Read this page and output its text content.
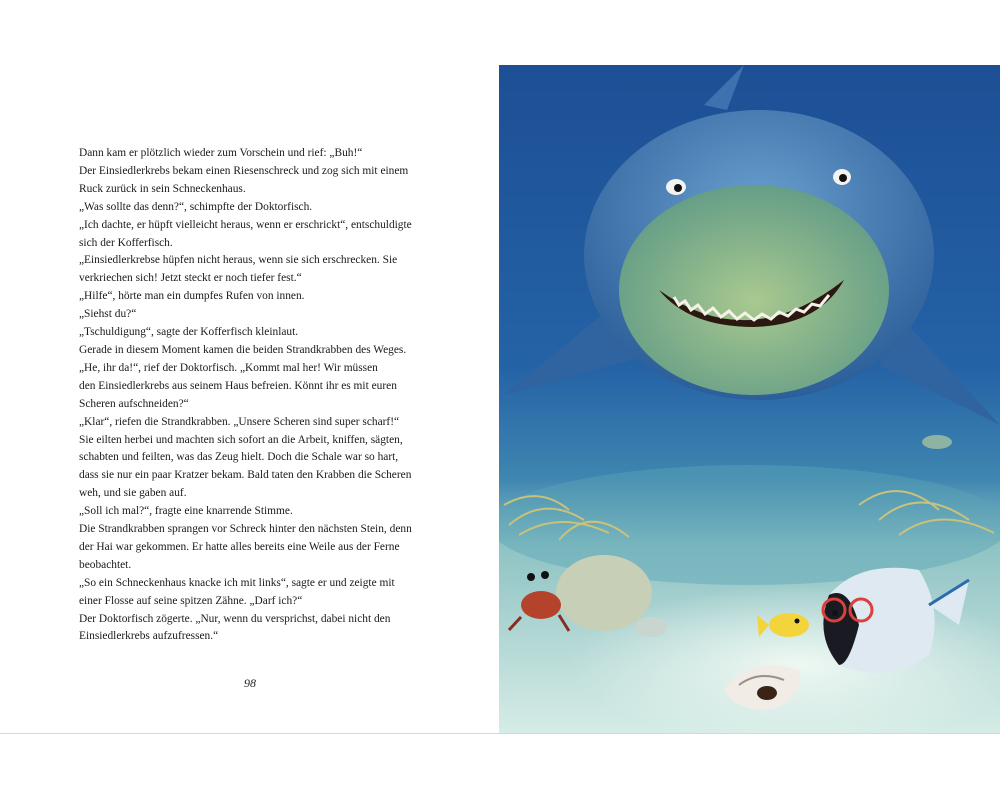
Dann kam er plötzlich wieder zum Vorschein und rief: „Buh!“

Der Einsiedlerkrebs bekam einen Riesenschreck und zog sich mit einem

Ruck zurück in sein Schneckenhaus.

„Was sollte das denn?“, schimpfte der Doktorfisch.

„Ich dachte, er hüpft vielleicht heraus, wenn er erschrickt“, entschuldigte

sich der Kofferfisch.

„Einsiedlerkrebse hüpfen nicht heraus, wenn sie sich erschrecken. Sie

verkriechen sich! Jetzt steckt er noch tiefer fest.“

„Hilfe“, hörte man ein dumpfes Rufen von innen.

„Siehst du?“

„Tschuldigung“, sagte der Kofferfisch kleinlaut.

Gerade in diesem Moment kamen die beiden Strandkrabben des Weges.

„He, ihr da!“, rief der Doktorfisch. „Kommt mal her! Wir müssen

den Einsiedlerkrebs aus seinem Haus befreien. Könnt ihr es mit euren

Scheren aufschneiden?“

„Klar“, riefen die Strandkrabben. „Unsere Scheren sind super scharf!“

Sie eilten herbei und machten sich sofort an die Arbeit, kniffen, sägten,

schabten und feilten, was das Zeug hielt. Doch die Schale war so hart,

dass sie nur ein paar Kratzer bekam. Bald taten den Krabben die Scheren

weh, und sie gaben auf.

„Soll ich mal?“, fragte eine knarrende Stimme.

Die Strandkrabben sprangen vor Schreck hinter den nächsten Stein, denn

der Hai war gekommen. Er hatte alles bereits eine Weile aus der Ferne

beobachtet.

„So ein Schneckenhaus knacke ich mit links“, sagte er und zeigte mit

einer Flosse auf seine spitzen Zähne. „Darf ich?“

Der Doktorfisch zögerte. „Nur, wenn du versprichst, dabei nicht den

Einsiedlerkrebs aufzufressen.“

98
